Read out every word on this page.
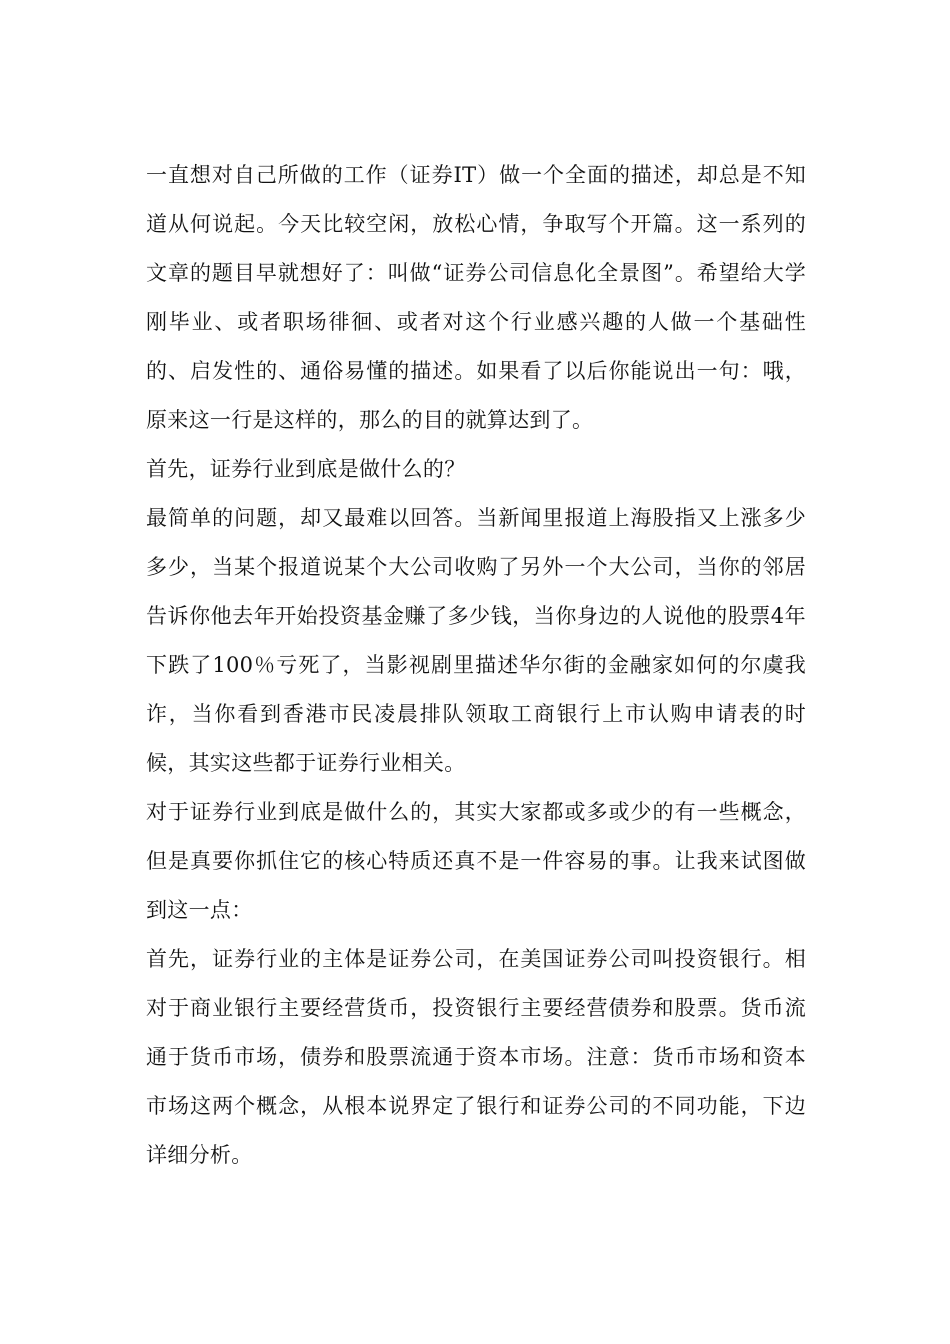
一直想对自己所做的工作（证券IT）做一个全面的描述，却总是不知道从何说起。今天比较空闲，放松心情，争取写个开篇。这一系列的文章的题目早就想好了：叫做“证券公司信息化全景图”。希望给大学刚毕业、或者职场徘徊、或者对这个行业感兴趣的人做一个基础性的、启发性的、通俗易懂的描述。如果看了以后你能说出一句：哦，原来这一行是这样的，那么的目的就算达到了。

首先，证券行业到底是做什么的？

最简单的问题，却又最难以回答。当新闻里报道上海股指又上涨多少多少，当某个报道说某个大公司收购了另外一个大公司，当你的邻居告诉你他去年开始投资基金赚了多少钱，当你身边的人说他的股票4年下跌了100％亏死了，当影视剧里描述华尔街的金融家如何的尔虞我诈，当你看到香港市民凌晨排队领取工商银行上市认购申请表的时候，其实这些都于证券行业相关。

对于证券行业到底是做什么的，其实大家都或多或少的有一些概念，但是真要你抓住它的核心特质还真不是一件容易的事。让我来试图做到这一点：

首先，证券行业的主体是证券公司，在美国证券公司叫投资银行。相对于商业银行主要经营货币，投资银行主要经营债券和股票。货币流通于货币市场，债券和股票流通于资本市场。注意：货币市场和资本市场这两个概念，从根本说界定了银行和证券公司的不同功能，下边详细分析。
